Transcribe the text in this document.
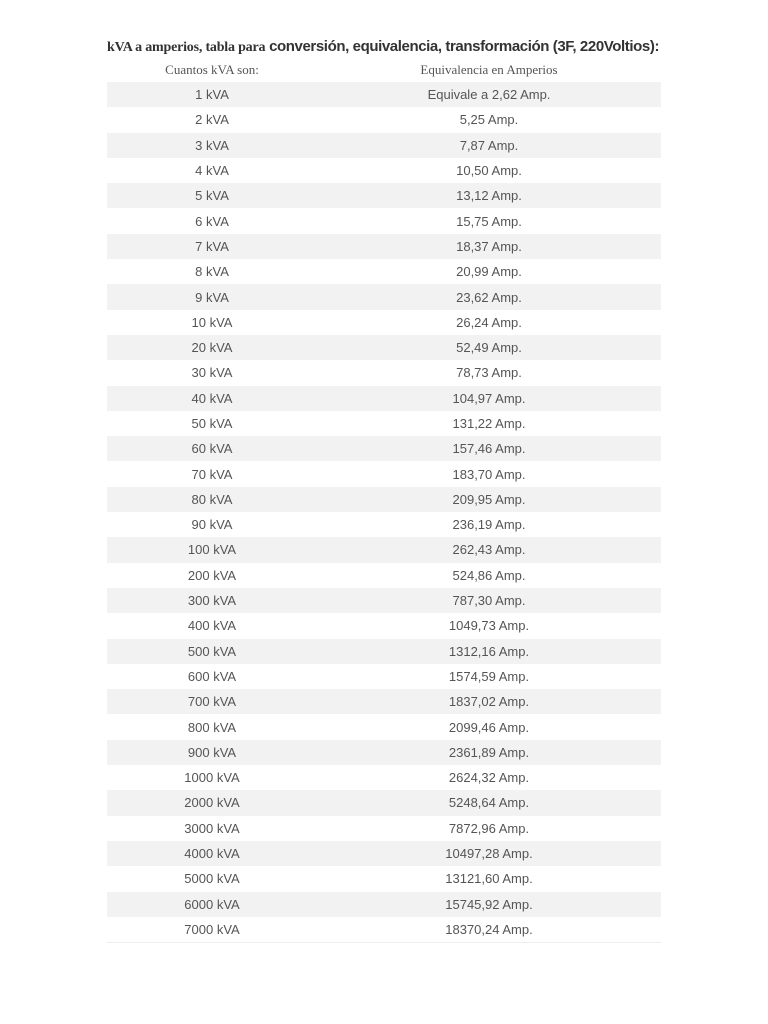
kVA a amperios, tabla para conversión, equivalencia, transformación (3F, 220Voltios):
Cuantos kVA son:	Equivalencia en Amperios
1 kVA	Equivale a 2,62 Amp.
2 kVA	5,25 Amp.
3 kVA	7,87 Amp.
4 kVA	10,50 Amp.
5 kVA	13,12 Amp.
6 kVA	15,75 Amp.
7 kVA	18,37 Amp.
8 kVA	20,99 Amp.
9 kVA	23,62 Amp.
10 kVA	26,24 Amp.
20 kVA	52,49 Amp.
30 kVA	78,73 Amp.
40 kVA	104,97 Amp.
50 kVA	131,22 Amp.
60 kVA	157,46 Amp.
70 kVA	183,70 Amp.
80 kVA	209,95 Amp.
90 kVA	236,19 Amp.
100 kVA	262,43 Amp.
200 kVA	524,86 Amp.
300 kVA	787,30 Amp.
400 kVA	1049,73 Amp.
500 kVA	1312,16 Amp.
600 kVA	1574,59 Amp.
700 kVA	1837,02 Amp.
800 kVA	2099,46 Amp.
900 kVA	2361,89 Amp.
1000 kVA	2624,32 Amp.
2000 kVA	5248,64 Amp.
3000 kVA	7872,96 Amp.
4000 kVA	10497,28 Amp.
5000 kVA	13121,60 Amp.
6000 kVA	15745,92 Amp.
7000 kVA	18370,24 Amp.
